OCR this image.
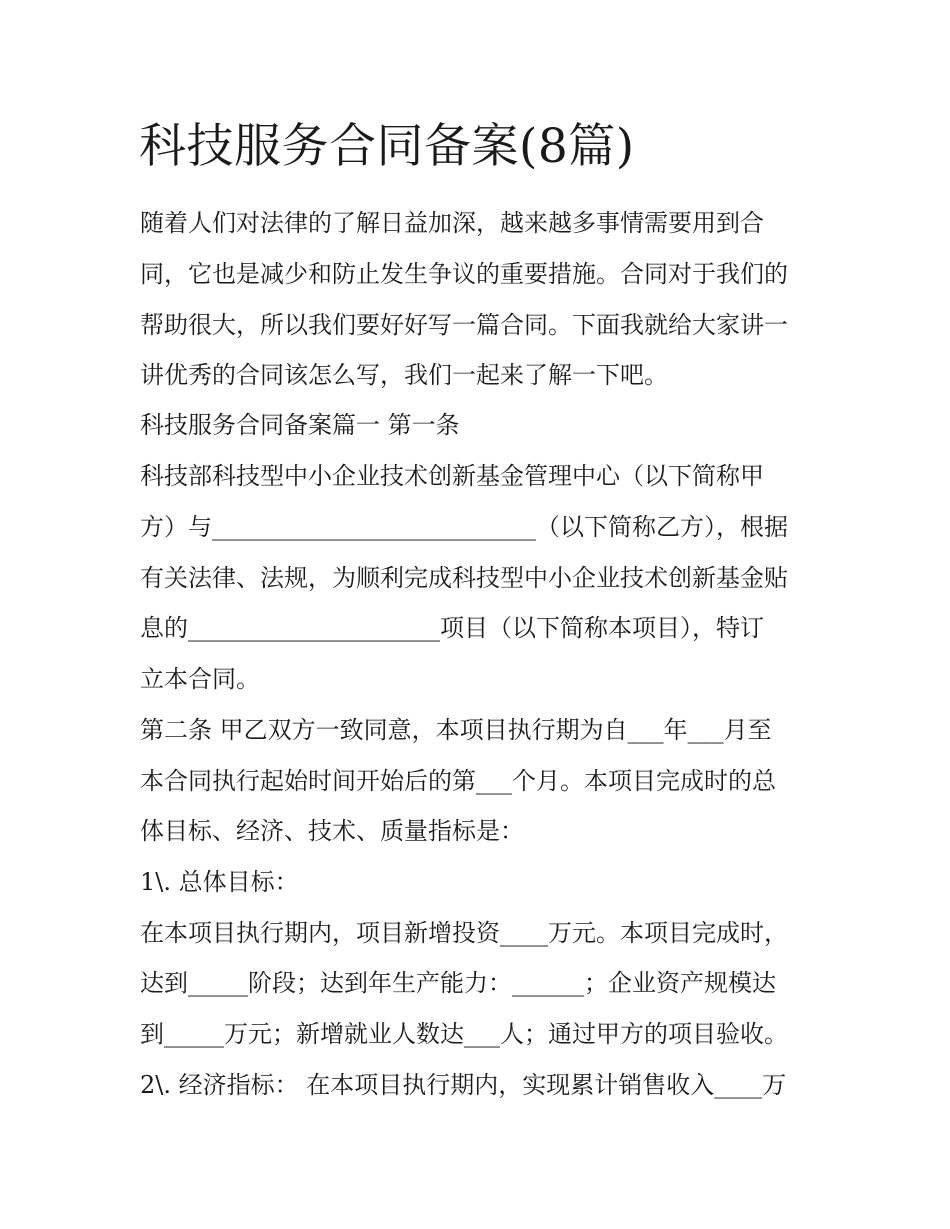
科技服务合同备案(8篇)

随着人们对法律的了解日益加深，越来越多事情需要用到合

同，它也是减少和防止发生争议的重要措施。合同对于我们的

帮助很大，所以我们要好好写一篇合同。下面我就给大家讲一

讲优秀的合同该怎么写，我们一起来了解一下吧。

科技服务合同备案篇一 第一条

科技部科技型中小企业技术创新基金管理中心（以下简称甲

方）与___________________________（以下简称乙方），根据

有关法律、法规，为顺利完成科技型中小企业技术创新基金贴

息的_____________________项目（以下简称本项目），特订

立本合同。

第二条 甲乙双方一致同意，本项目执行期为自___年___月至

本合同执行起始时间开始后的第___个月。本项目完成时的总

体目标、经济、技术、质量指标是：

1\. 总体目标：

在本项目执行期内，项目新增投资____万元。本项目完成时，

达到_____阶段；达到年生产能力：______；企业资产规模达

到_____万元；新增就业人数达___人；通过甲方的项目验收。

2\. 经济指标： 在本项目执行期内，实现累计销售收入____万
